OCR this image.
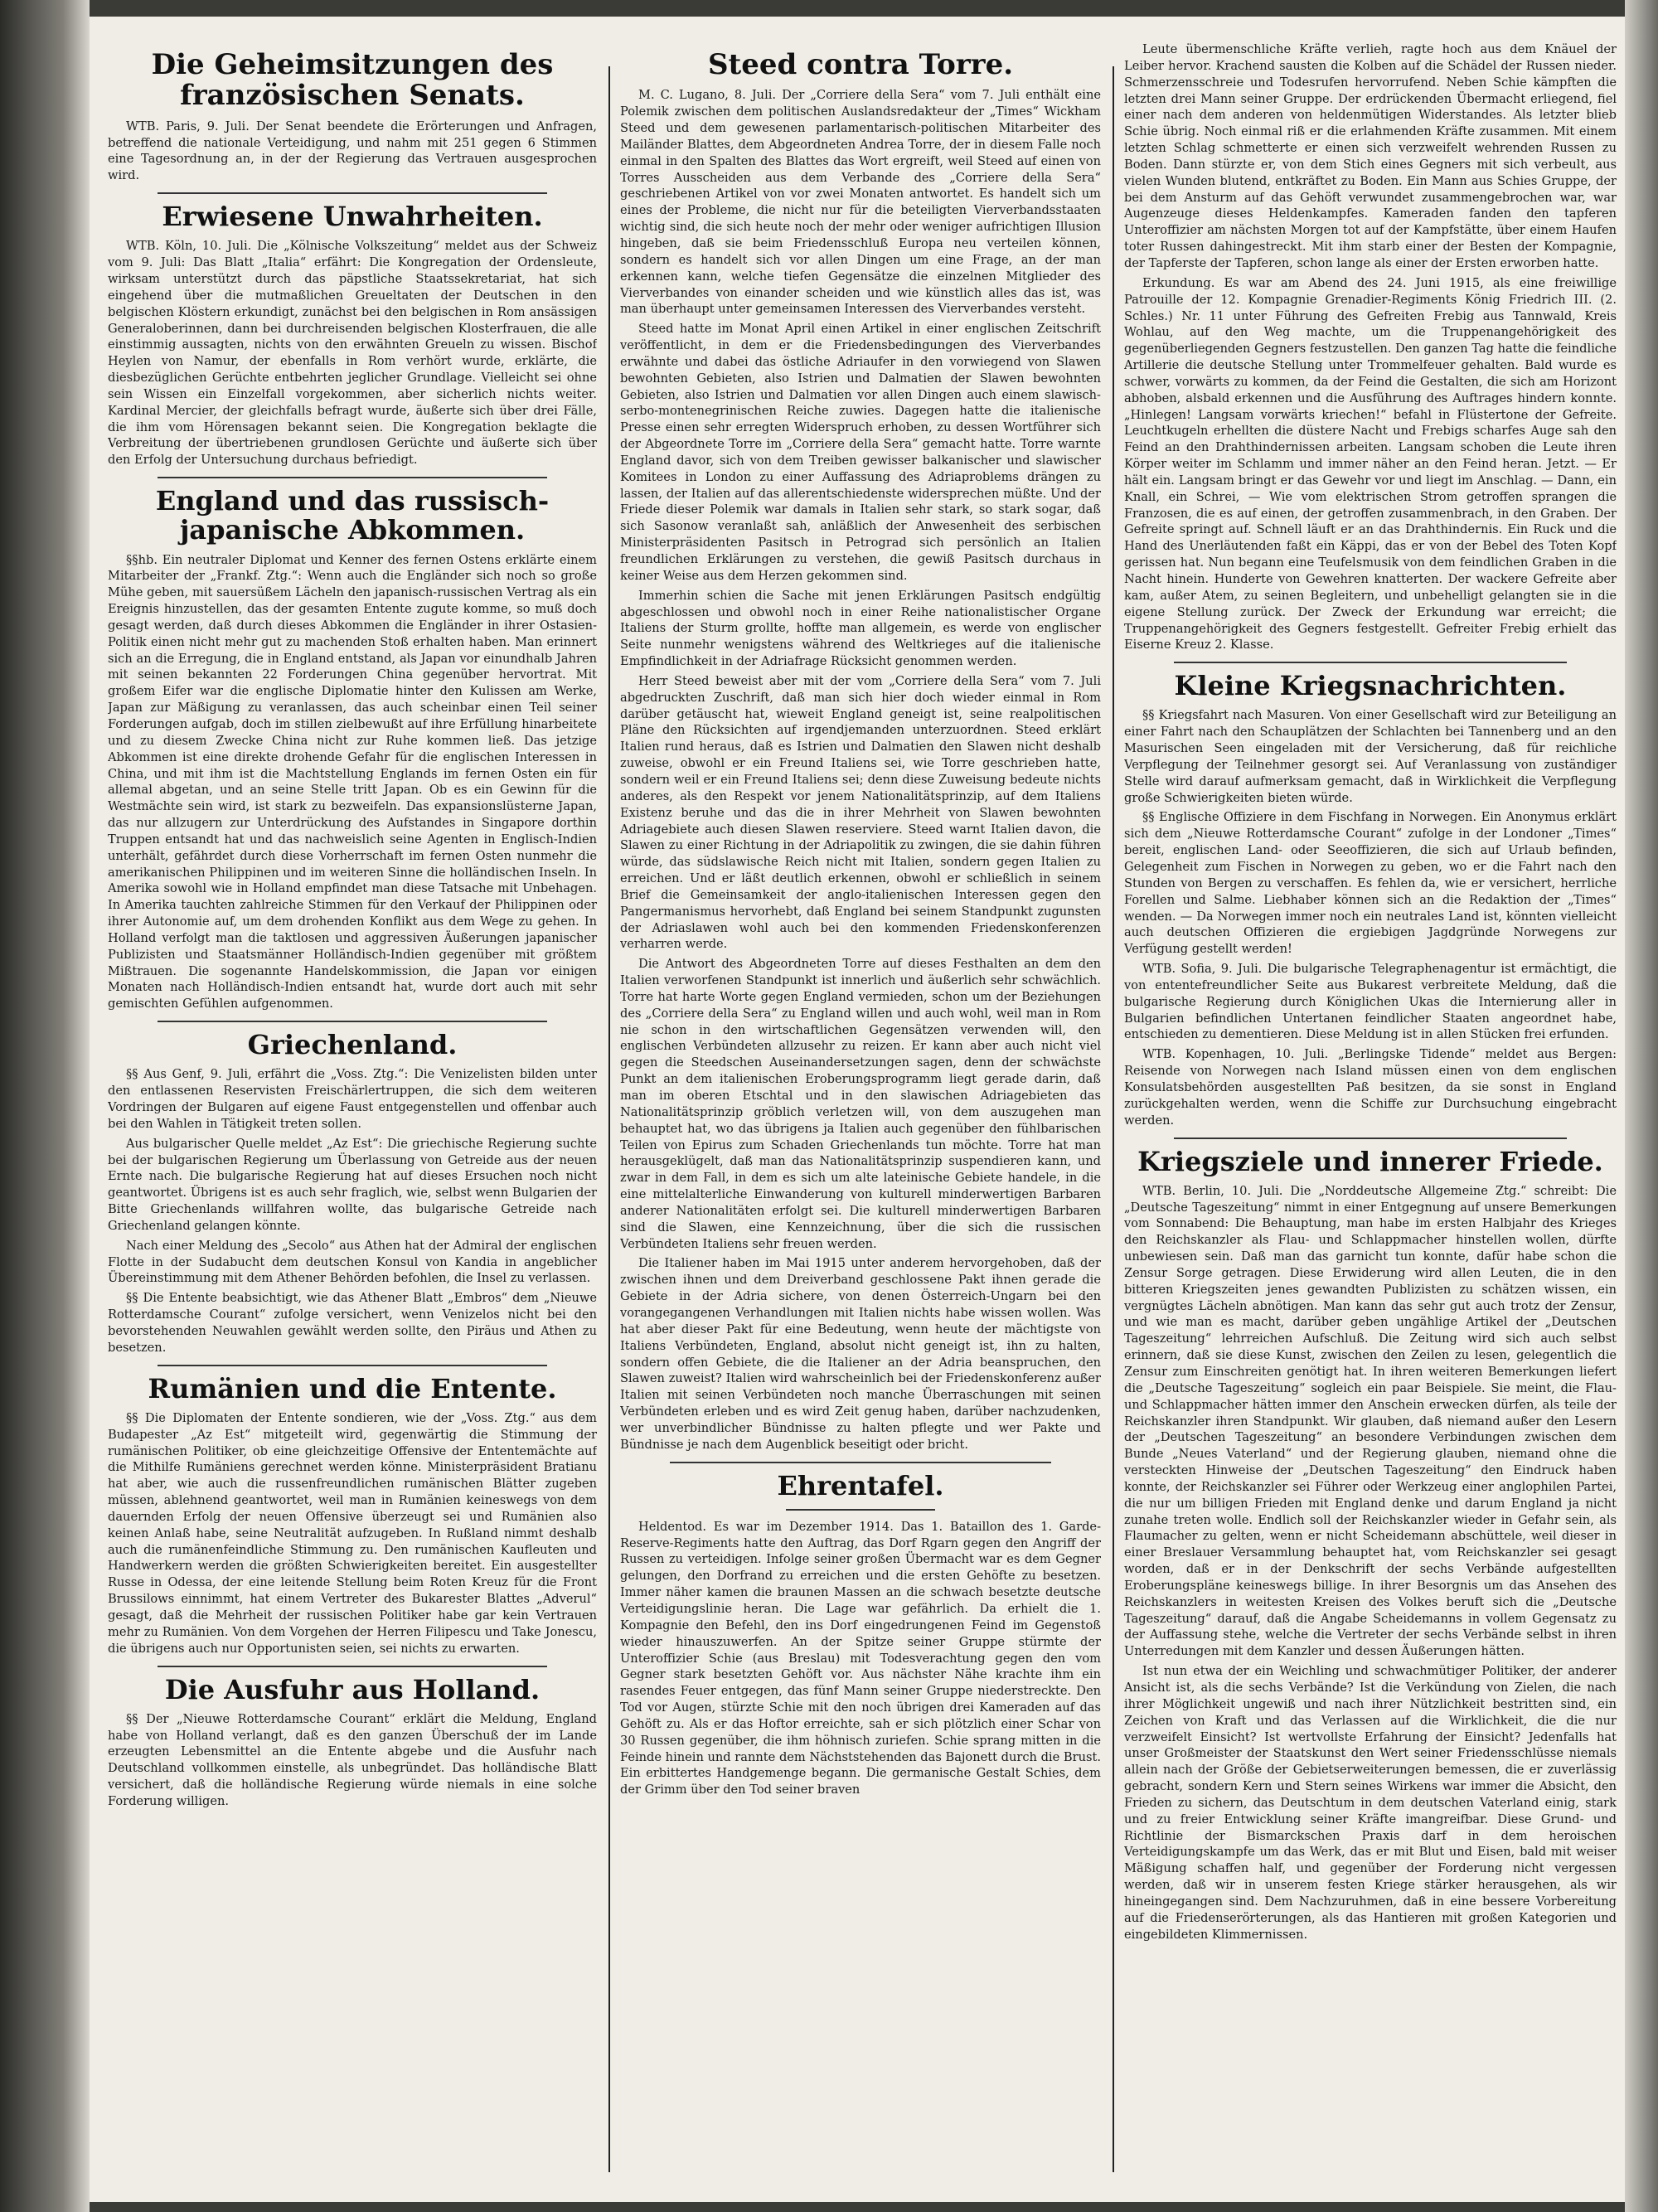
Die Geheimsitzungen des französischen Senats.

WTB. Paris, 9. Juli. Der Senat beendete die Erörterungen und Anfragen, betreffend die nationale Verteidigung, und nahm mit 251 gegen 6 Stimmen eine Tagesordnung an, in der der Regierung das Vertrauen ausgesprochen wird.

Erwiesene Unwahrheiten.

WTB. Köln, 10. Juli. Die „Kölnische Volkszeitung“ meldet aus der Schweiz vom 9. Juli: Das Blatt „Italia“ erfährt: Die Kongregation der Ordensleute, wirksam unterstützt durch das päpstliche Staatssekretariat, hat sich eingehend über die mutmaßlichen Greueltaten der Deutschen in den belgischen Klöstern erkundigt, zunächst bei den belgischen in Rom ansässigen Generaloberinnen, dann bei durchreisenden belgischen Klosterfrauen, die alle einstimmig aussagten, nichts von den erwähnten Greueln zu wissen. Bischof Heylen von Namur, der ebenfalls in Rom verhört wurde, erklärte, die diesbezüglichen Gerüchte entbehrten jeglicher Grundlage. Vielleicht sei ohne sein Wissen ein Einzelfall vorgekommen, aber sicherlich nichts weiter. Kardinal Mercier, der gleichfalls befragt wurde, äußerte sich über drei Fälle, die ihm vom Hörensagen bekannt seien. Die Kongregation beklagte die Verbreitung der übertriebenen grundlosen Gerüchte und äußerte sich über den Erfolg der Untersuchung durchaus befriedigt.

England und das russisch-japanische Abkommen.

§§hb. Ein neutraler Diplomat und Kenner des fernen Ostens erklärte einem Mitarbeiter der „Frankf. Ztg.“: Wenn auch die Engländer sich noch so große Mühe geben, mit sauersüßem Lächeln den japanisch-russischen Vertrag als ein Ereignis hinzustellen, das der gesamten Entente zugute komme, so muß doch gesagt werden, daß durch dieses Abkommen die Engländer in ihrer Ostasien-Politik einen nicht mehr gut zu machenden Stoß erhalten haben. Man erinnert sich an die Erregung, die in England entstand, als Japan vor einundhalb Jahren mit seinen bekannten 22 Forderungen China gegenüber hervortrat. Mit großem Eifer war die englische Diplomatie hinter den Kulissen am Werke, Japan zur Mäßigung zu veranlassen, das auch scheinbar einen Teil seiner Forderungen aufgab, doch im stillen zielbewußt auf ihre Erfüllung hinarbeitete und zu diesem Zwecke China nicht zur Ruhe kommen ließ. Das jetzige Abkommen ist eine direkte drohende Gefahr für die englischen Interessen in China, und mit ihm ist die Machtstellung Englands im fernen Osten ein für allemal abgetan, und an seine Stelle tritt Japan. Ob es ein Gewinn für die Westmächte sein wird, ist stark zu bezweifeln. Das expansionslüsterne Japan, das nur allzugern zur Unterdrückung des Aufstandes in Singapore dorthin Truppen entsandt hat und das nachweislich seine Agenten in Englisch-Indien unterhält, gefährdet durch diese Vorherrschaft im fernen Osten nunmehr die amerikanischen Philippinen und im weiteren Sinne die holländischen Inseln. In Amerika sowohl wie in Holland empfindet man diese Tatsache mit Unbehagen. In Amerika tauchten zahlreiche Stimmen für den Verkauf der Philippinen oder ihrer Autonomie auf, um dem drohenden Konflikt aus dem Wege zu gehen. In Holland verfolgt man die taktlosen und aggressiven Äußerungen japanischer Publizisten und Staatsmänner Holländisch-Indien gegenüber mit größtem Mißtrauen. Die sogenannte Handelskommission, die Japan vor einigen Monaten nach Holländisch-Indien entsandt hat, wurde dort auch mit sehr gemischten Gefühlen aufgenommen.

Griechenland.

§§ Aus Genf, 9. Juli, erfährt die „Voss. Ztg.“: Die Venizelisten bilden unter den entlassenen Reservisten Freischärlertruppen, die sich dem weiteren Vordringen der Bulgaren auf eigene Faust entgegenstellen und offenbar auch bei den Wahlen in Tätigkeit treten sollen.

Aus bulgarischer Quelle meldet „Az Est“: Die griechische Regierung suchte bei der bulgarischen Regierung um Überlassung von Getreide aus der neuen Ernte nach. Die bulgarische Regierung hat auf dieses Ersuchen noch nicht geantwortet. Übrigens ist es auch sehr fraglich, wie, selbst wenn Bulgarien der Bitte Griechenlands willfahren wollte, das bulgarische Getreide nach Griechenland gelangen könnte.

Nach einer Meldung des „Secolo“ aus Athen hat der Admiral der englischen Flotte in der Sudabucht dem deutschen Konsul von Kandia in angeblicher Übereinstimmung mit dem Athener Behörden befohlen, die Insel zu verlassen.

§§ Die Entente beabsichtigt, wie das Athener Blatt „Embros“ dem „Nieuwe Rotterdamsche Courant“ zufolge versichert, wenn Venizelos nicht bei den bevorstehenden Neuwahlen gewählt werden sollte, den Piräus und Athen zu besetzen.

Rumänien und die Entente.

§§ Die Diplomaten der Entente sondieren, wie der „Voss. Ztg.“ aus dem Budapester „Az Est“ mitgeteilt wird, gegenwärtig die Stimmung der rumänischen Politiker, ob eine gleichzeitige Offensive der Ententemächte auf die Mithilfe Rumäniens gerechnet werden könne. Ministerpräsident Bratianu hat aber, wie auch die russenfreundlichen rumänischen Blätter zugeben müssen, ablehnend geantwortet, weil man in Rumänien keineswegs von dem dauernden Erfolg der neuen Offensive überzeugt sei und Rumänien also keinen Anlaß habe, seine Neutralität aufzugeben. In Rußland nimmt deshalb auch die rumänenfeindliche Stimmung zu. Den rumänischen Kaufleuten und Handwerkern werden die größten Schwierigkeiten bereitet. Ein ausgestellter Russe in Odessa, der eine leitende Stellung beim Roten Kreuz für die Front Brussilows einnimmt, hat einem Vertreter des Bukarester Blattes „Adverul“ gesagt, daß die Mehrheit der russischen Politiker habe gar kein Vertrauen mehr zu Rumänien. Von dem Vorgehen der Herren Filipescu und Take Jonescu, die übrigens auch nur Opportunisten seien, sei nichts zu erwarten.

Die Ausfuhr aus Holland.

§§ Der „Nieuwe Rotterdamsche Courant“ erklärt die Meldung, England habe von Holland verlangt, daß es den ganzen Überschuß der im Lande erzeugten Lebensmittel an die Entente abgebe und die Ausfuhr nach Deutschland vollkommen einstelle, als unbegründet. Das holländische Blatt versichert, daß die holländische Regierung würde niemals in eine solche Forderung willigen.

Steed contra Torre.

M. C. Lugano, 8. Juli. Der „Corriere della Sera“ vom 7. Juli enthält eine Polemik zwischen dem politischen Auslandsredakteur der „Times“ Wickham Steed und dem gewesenen parlamentarisch-politischen Mitarbeiter des Mailänder Blattes, dem Abgeordneten Andrea Torre, der in diesem Falle noch einmal in den Spalten des Blattes das Wort ergreift, weil Steed auf einen von Torres Ausscheiden aus dem Verbande des „Corriere della Sera“ geschriebenen Artikel von vor zwei Monaten antwortet. Es handelt sich um eines der Probleme, die nicht nur für die beteiligten Vierverbandsstaaten wichtig sind, die sich heute noch der mehr oder weniger aufrichtigen Illusion hingeben, daß sie beim Friedensschluß Europa neu verteilen können, sondern es handelt sich vor allen Dingen um eine Frage, an der man erkennen kann, welche tiefen Gegensätze die einzelnen Mitglieder des Vierverbandes von einander scheiden und wie künstlich alles das ist, was man überhaupt unter gemeinsamen Interessen des Vierverbandes versteht.

Steed hatte im Monat April einen Artikel in einer englischen Zeitschrift veröffentlicht, in dem er die Friedensbedingungen des Vierverbandes erwähnte und dabei das östliche Adriaufer in den vorwiegend von Slawen bewohnten Gebieten, also Istrien und Dalmatien der Slawen bewohnten Gebieten, also Istrien und Dalmatien vor allen Dingen auch einem slawisch-serbo-montenegrinischen Reiche zuwies. Dagegen hatte die italienische Presse einen sehr erregten Widerspruch erhoben, zu dessen Wortführer sich der Abgeordnete Torre im „Corriere della Sera“ gemacht hatte. Torre warnte England davor, sich von dem Treiben gewisser balkanischer und slawischer Komitees in London zu einer Auffassung des Adriaproblems drängen zu lassen, der Italien auf das allerentschiedenste widersprechen müßte. Und der Friede dieser Polemik war damals in Italien sehr stark, so stark sogar, daß sich Sasonow veranlaßt sah, anläßlich der Anwesenheit des serbischen Ministerpräsidenten Pasitsch in Petrograd sich persönlich an Italien freundlichen Erklärungen zu verstehen, die gewiß Pasitsch durchaus in keiner Weise aus dem Herzen gekommen sind.

Immerhin schien die Sache mit jenen Erklärungen Pasitsch endgültig abgeschlossen und obwohl noch in einer Reihe nationalistischer Organe Italiens der Sturm grollte, hoffte man allgemein, es werde von englischer Seite nunmehr wenigstens während des Weltkrieges auf die italienische Empfindlichkeit in der Adriafrage Rücksicht genommen werden.

Herr Steed beweist aber mit der vom „Corriere della Sera“ vom 7. Juli abgedruckten Zuschrift, daß man sich hier doch wieder einmal in Rom darüber getäuscht hat, wieweit England geneigt ist, seine realpolitischen Pläne den Rücksichten auf irgendjemanden unterzuordnen. Steed erklärt Italien rund heraus, daß es Istrien und Dalmatien den Slawen nicht deshalb zuweise, obwohl er ein Freund Italiens sei, wie Torre geschrieben hatte, sondern weil er ein Freund Italiens sei; denn diese Zuweisung bedeute nichts anderes, als den Respekt vor jenem Nationalitätsprinzip, auf dem Italiens Existenz beruhe und das die in ihrer Mehrheit von Slawen bewohnten Adriagebiete auch diesen Slawen reserviere. Steed warnt Italien davon, die Slawen zu einer Richtung in der Adriapolitik zu zwingen, die sie dahin führen würde, das südslawische Reich nicht mit Italien, sondern gegen Italien zu erreichen. Und er läßt deutlich erkennen, obwohl er schließlich in seinem Brief die Gemeinsamkeit der anglo-italienischen Interessen gegen den Pangermanismus hervorhebt, daß England bei seinem Standpunkt zugunsten der Adriaslawen wohl auch bei den kommenden Friedenskonferenzen verharren werde.

Die Antwort des Abgeordneten Torre auf dieses Festhalten an dem den Italien verworfenen Standpunkt ist innerlich und äußerlich sehr schwächlich. Torre hat harte Worte gegen England vermieden, schon um der Beziehungen des „Corriere della Sera“ zu England willen und auch wohl, weil man in Rom nie schon in den wirtschaftlichen Gegensätzen verwenden will, den englischen Verbündeten allzusehr zu reizen. Er kann aber auch nicht viel gegen die Steedschen Auseinandersetzungen sagen, denn der schwächste Punkt an dem italienischen Eroberungsprogramm liegt gerade darin, daß man im oberen Etschtal und in den slawischen Adriagebieten das Nationalitätsprinzip gröblich verletzen will, von dem auszugehen man behauptet hat, wo das übrigens ja Italien auch gegenüber den fühlbarischen Teilen von Epirus zum Schaden Griechenlands tun möchte. Torre hat man herausgeklügelt, daß man das Nationalitätsprinzip suspendieren kann, und zwar in dem Fall, in dem es sich um alte lateinische Gebiete handele, in die eine mittelalterliche Einwanderung von kulturell minderwertigen Barbaren anderer Nationalitäten erfolgt sei. Die kulturell minderwertigen Barbaren sind die Slawen, eine Kennzeichnung, über die sich die russischen Verbündeten Italiens sehr freuen werden.

Die Italiener haben im Mai 1915 unter anderem hervorgehoben, daß der zwischen ihnen und dem Dreiverband geschlossene Pakt ihnen gerade die Gebiete in der Adria sichere, von denen Österreich-Ungarn bei den vorangegangenen Verhandlungen mit Italien nichts habe wissen wollen. Was hat aber dieser Pakt für eine Bedeutung, wenn heute der mächtigste von Italiens Verbündeten, England, absolut nicht geneigt ist, ihn zu halten, sondern offen Gebiete, die die Italiener an der Adria beanspruchen, den Slawen zuweist? Italien wird wahrscheinlich bei der Friedenskonferenz außer Italien mit seinen Verbündeten noch manche Überraschungen mit seinen Verbündeten erleben und es wird Zeit genug haben, darüber nachzudenken, wer unverbindlicher Bündnisse zu halten pflegte und wer Pakte und Bündnisse je nach dem Augenblick beseitigt oder bricht.

Ehrentafel.

Heldentod. Es war im Dezember 1914. Das 1. Bataillon des 1. Garde-Reserve-Regiments hatte den Auftrag, das Dorf Rgarn gegen den Angriff der Russen zu verteidigen. Infolge seiner großen Übermacht war es dem Gegner gelungen, den Dorfrand zu erreichen und die ersten Gehöfte zu besetzen. Immer näher kamen die braunen Massen an die schwach besetzte deutsche Verteidigungslinie heran. Die Lage war gefährlich. Da erhielt die 1. Kompagnie den Befehl, den ins Dorf eingedrungenen Feind im Gegenstoß wieder hinauszuwerfen. An der Spitze seiner Gruppe stürmte der Unteroffizier Schie (aus Breslau) mit Todesverachtung gegen den vom Gegner stark besetzten Gehöft vor. Aus nächster Nähe krachte ihm ein rasendes Feuer entgegen, das fünf Mann seiner Gruppe niederstreckte. Den Tod vor Augen, stürzte Schie mit den noch übrigen drei Kameraden auf das Gehöft zu. Als er das Hoftor erreichte, sah er sich plötzlich einer Schar von 30 Russen gegenüber, die ihm höhnisch zuriefen. Schie sprang mitten in die Feinde hinein und rannte dem Nächststehenden das Bajonett durch die Brust. Ein erbittertes Handgemenge begann. Die germanische Gestalt Schies, dem der Grimm über den Tod seiner braven

Leute übermenschliche Kräfte verlieh, ragte hoch aus dem Knäuel der Leiber hervor. Krachend sausten die Kolben auf die Schädel der Russen nieder. Schmerzensschreie und Todesrufen hervorrufend. Neben Schie kämpften die letzten drei Mann seiner Gruppe. Der erdrückenden Übermacht erliegend, fiel einer nach dem anderen von heldenmütigen Widerstandes. Als letzter blieb Schie übrig. Noch einmal riß er die erlahmenden Kräfte zusammen. Mit einem letzten Schlag schmetterte er einen sich verzweifelt wehrenden Russen zu Boden. Dann stürzte er, von dem Stich eines Gegners mit sich verbeult, aus vielen Wunden blutend, entkräftet zu Boden. Ein Mann aus Schies Gruppe, der bei dem Ansturm auf das Gehöft verwundet zusammengebrochen war, war Augenzeuge dieses Heldenkampfes. Kameraden fanden den tapferen Unteroffizier am nächsten Morgen tot auf der Kampfstätte, über einem Haufen toter Russen dahingestreckt. Mit ihm starb einer der Besten der Kompagnie, der Tapferste der Tapferen, schon lange als einer der Ersten erworben hatte.

Erkundung. Es war am Abend des 24. Juni 1915, als eine freiwillige Patrouille der 12. Kompagnie Grenadier-Regiments König Friedrich III. (2. Schles.) Nr. 11 unter Führung des Gefreiten Frebig aus Tannwald, Kreis Wohlau, auf den Weg machte, um die Truppenangehörigkeit des gegenüberliegenden Gegners festzustellen. Den ganzen Tag hatte die feindliche Artillerie die deutsche Stellung unter Trommelfeuer gehalten. Bald wurde es schwer, vorwärts zu kommen, da der Feind die Gestalten, die sich am Horizont abhoben, alsbald erkennen und die Ausführung des Auftrages hindern konnte. „Hinlegen! Langsam vorwärts kriechen!“ befahl in Flüstertone der Gefreite. Leuchtkugeln erhellten die düstere Nacht und Frebigs scharfes Auge sah den Feind an den Drahthindernissen arbeiten. Langsam schoben die Leute ihren Körper weiter im Schlamm und immer näher an den Feind heran. Jetzt. — Er hält ein. Langsam bringt er das Gewehr vor und liegt im Anschlag. — Dann, ein Knall, ein Schrei, — Wie vom elektrischen Strom getroffen sprangen die Franzosen, die es auf einen, der getroffen zusammenbrach, in den Graben. Der Gefreite springt auf. Schnell läuft er an das Drahthindernis. Ein Ruck und die Hand des Unerläutenden faßt ein Käppi, das er von der Bebel des Toten Kopf gerissen hat. Nun begann eine Teufelsmusik von dem feindlichen Graben in die Nacht hinein. Hunderte von Gewehren knatterten. Der wackere Gefreite aber kam, außer Atem, zu seinen Begleitern, und unbehelligt gelangten sie in die eigene Stellung zurück. Der Zweck der Erkundung war erreicht; die Truppenangehörigkeit des Gegners festgestellt. Gefreiter Frebig erhielt das Eiserne Kreuz 2. Klasse.

Kleine Kriegsnachrichten.

§§ Kriegsfahrt nach Masuren. Von einer Gesellschaft wird zur Beteiligung an einer Fahrt nach den Schauplätzen der Schlachten bei Tannenberg und an den Masurischen Seen eingeladen mit der Versicherung, daß für reichliche Verpflegung der Teilnehmer gesorgt sei. Auf Veranlassung von zuständiger Stelle wird darauf aufmerksam gemacht, daß in Wirklichkeit die Verpflegung große Schwierigkeiten bieten würde.

§§ Englische Offiziere in dem Fischfang in Norwegen. Ein Anonymus erklärt sich dem „Nieuwe Rotterdamsche Courant“ zufolge in der Londoner „Times“ bereit, englischen Land- oder Seeoffizieren, die sich auf Urlaub befinden, Gelegenheit zum Fischen in Norwegen zu geben, wo er die Fahrt nach den Stunden von Bergen zu verschaffen. Es fehlen da, wie er versichert, herrliche Forellen und Salme. Liebhaber können sich an die Redaktion der „Times“ wenden. — Da Norwegen immer noch ein neutrales Land ist, könnten vielleicht auch deutschen Offizieren die ergiebigen Jagdgründe Norwegens zur Verfügung gestellt werden!

WTB. Sofia, 9. Juli. Die bulgarische Telegraphenagentur ist ermächtigt, die von ententefreundlicher Seite aus Bukarest verbreitete Meldung, daß die bulgarische Regierung durch Königlichen Ukas die Internierung aller in Bulgarien befindlichen Untertanen feindlicher Staaten angeordnet habe, entschieden zu dementieren. Diese Meldung ist in allen Stücken frei erfunden.

WTB. Kopenhagen, 10. Juli. „Berlingske Tidende“ meldet aus Bergen: Reisende von Norwegen nach Island müssen einen von dem englischen Konsulatsbehörden ausgestellten Paß besitzen, da sie sonst in England zurückgehalten werden, wenn die Schiffe zur Durchsuchung eingebracht werden.

Kriegsziele und innerer Friede.

WTB. Berlin, 10. Juli. Die „Norddeutsche Allgemeine Ztg.“ schreibt: Die „Deutsche Tageszeitung“ nimmt in einer Entgegnung auf unsere Bemerkungen vom Sonnabend: Die Behauptung, man habe im ersten Halbjahr des Krieges den Reichskanzler als Flau- und Schlappmacher hinstellen wollen, dürfte unbewiesen sein. Daß man das garnicht tun konnte, dafür habe schon die Zensur Sorge getragen. Diese Erwiderung wird allen Leuten, die in den bitteren Kriegszeiten jenes gewandten Publizisten zu schätzen wissen, ein vergnügtes Lächeln abnötigen. Man kann das sehr gut auch trotz der Zensur, und wie man es macht, darüber geben ungählige Artikel der „Deutschen Tageszeitung“ lehrreichen Aufschluß. Die Zeitung wird sich auch selbst erinnern, daß sie diese Kunst, zwischen den Zeilen zu lesen, gelegentlich die Zensur zum Einschreiten genötigt hat. In ihren weiteren Bemerkungen liefert die „Deutsche Tageszeitung“ sogleich ein paar Beispiele. Sie meint, die Flau- und Schlappmacher hätten immer den Anschein erwecken dürfen, als teile der Reichskanzler ihren Standpunkt. Wir glauben, daß niemand außer den Lesern der „Deutschen Tageszeitung“ an besondere Verbindungen zwischen dem Bunde „Neues Vaterland“ und der Regierung glauben, niemand ohne die versteckten Hinweise der „Deutschen Tageszeitung“ den Eindruck haben konnte, der Reichskanzler sei Führer oder Werkzeug einer anglophilen Partei, die nur um billigen Frieden mit England denke und darum England ja nicht zunahe treten wolle. Endlich soll der Reichskanzler wieder in Gefahr sein, als Flaumacher zu gelten, wenn er nicht Scheidemann abschüttele, weil dieser in einer Breslauer Versammlung behauptet hat, vom Reichskanzler sei gesagt worden, daß er in der Denkschrift der sechs Verbände aufgestellten Eroberungspläne keineswegs billige. In ihrer Besorgnis um das Ansehen des Reichskanzlers in weitesten Kreisen des Volkes beruft sich die „Deutsche Tageszeitung“ darauf, daß die Angabe Scheidemanns in vollem Gegensatz zu der Auffassung stehe, welche die Vertreter der sechs Verbände selbst in ihren Unterredungen mit dem Kanzler und dessen Äußerungen hätten.

Ist nun etwa der ein Weichling und schwachmütiger Politiker, der anderer Ansicht ist, als die sechs Verbände? Ist die Verkündung von Zielen, die nach ihrer Möglichkeit ungewiß und nach ihrer Nützlichkeit bestritten sind, ein Zeichen von Kraft und das Verlassen auf die Wirklichkeit, die die nur verzweifelt Einsicht? Ist wertvollste Erfahrung der Einsicht? Jedenfalls hat unser Großmeister der Staatskunst den Wert seiner Friedensschlüsse niemals allein nach der Größe der Gebietserweiterungen bemessen, die er zuverlässig gebracht, sondern Kern und Stern seines Wirkens war immer die Absicht, den Frieden zu sichern, das Deutschtum in dem deutschen Vaterland einig, stark und zu freier Entwicklung seiner Kräfte imangreifbar. Diese Grund- und Richtlinie der Bismarckschen Praxis darf in dem heroischen Verteidigungskampfe um das Werk, das er mit Blut und Eisen, bald mit weiser Mäßigung schaffen half, und gegenüber der Forderung nicht vergessen werden, daß wir in unserem festen Kriege stärker herausgehen, als wir hineingegangen sind. Dem Nachzuruhmen, daß in eine bessere Vorbereitung auf die Friedenserörterungen, als das Hantieren mit großen Kategorien und eingebildeten Klimmernissen.
